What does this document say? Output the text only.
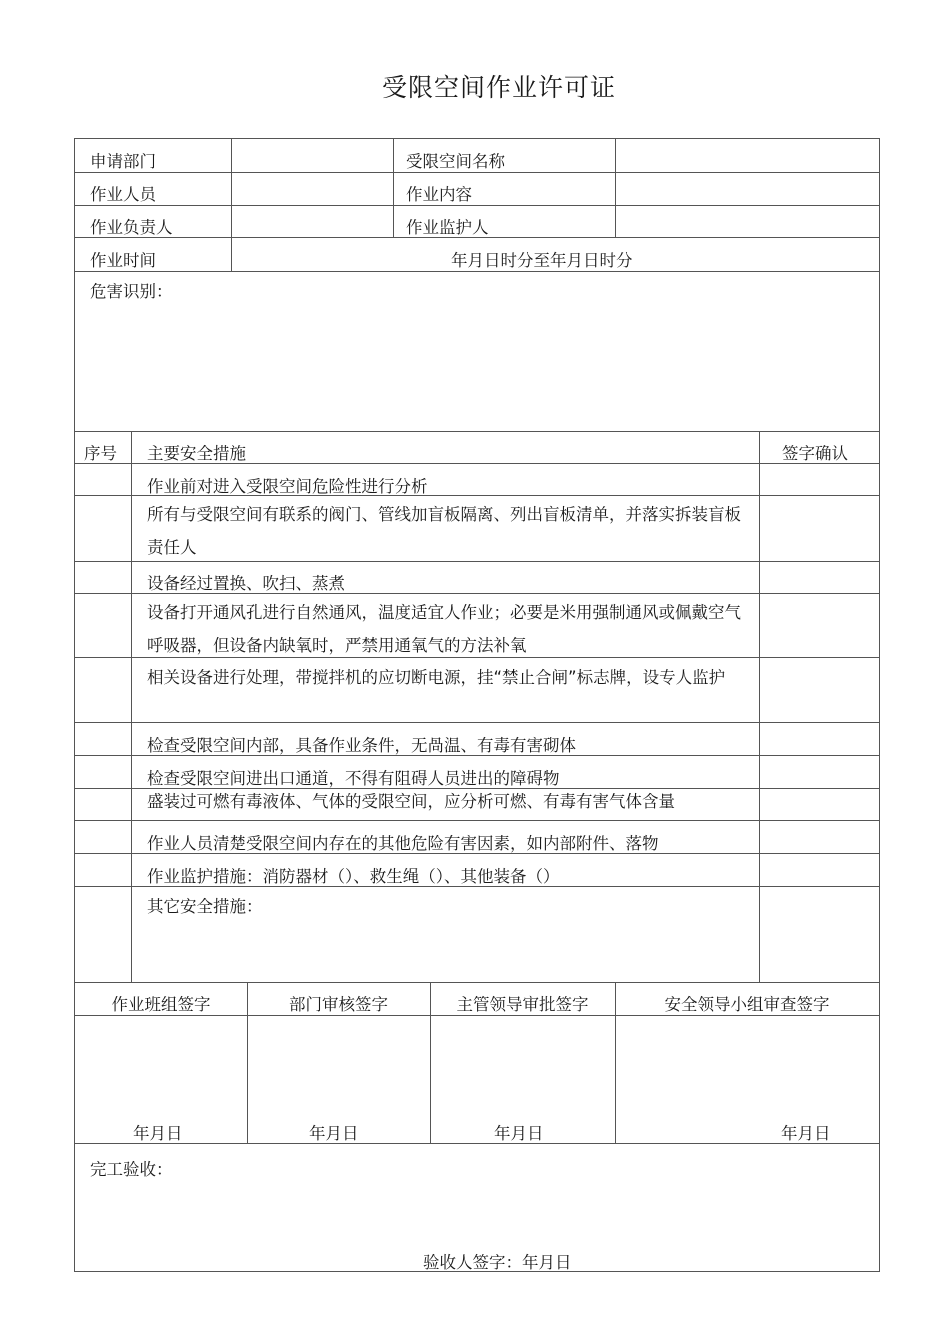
受限空间作业许可证
申请部门	受限空间名称
作业人员	作业内容
作业负责人	作业监护人
作业时间	年月日时分至年月日时分
危害识别：
序号 主要安全措施	签字确认
作业前对进入受限空间危险性进行分析
所有与受限空间有联系的阀门、管线加盲板隔离、列出盲板清单，并落实拆装盲板责任人
设备经过置换、吹扫、蒸煮
设备打开通风孔进行自然通风，温度适宜人作业；必要是米用强制通风或佩戴空气呼吸器，但设备内缺氧时，严禁用通氧气的方法补氧
相关设备进行处理，带搅拌机的应切断电源，挂“禁止合闸”标志牌，设专人监护
检查受限空间内部，具备作业条件，无咼温、有毒有害砌体
检查受限空间进出口通道，不得有阻碍人员进出的障碍物
盛装过可燃有毒液体、气体的受限空间，应分析可燃、有毒有害气体含量
作业人员清楚受限空间内存在的其他危险有害因素，如内部附件、落物
作业监护措施：消防器材（）、救生绳（）、其他装备（）
其它安全措施：
作业班组签字	部门审核签字	主管领导审批签字	安全领导小组审查签字
年月日	年月日	年月日	年月日
完工验收：
验收人签字：年月日
